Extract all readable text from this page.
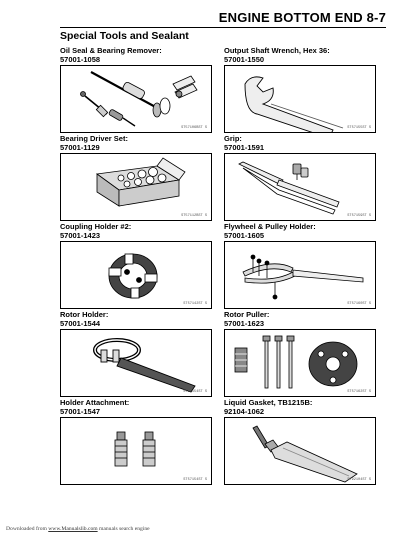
ENGINE BOTTOM END 8-7
Special Tools and Sealant
Oil Seal & Bearing Remover:
57001-1058
ST57106BST S
Output Shaft Wrench, Hex 36:
57001-1550
ST57155ST S
Bearing Driver Set:
57001-1129
ST57112BST S
Grip:
57001-1591
ST57159ST S
Coupling Holder #2:
57001-1423
ST57142ST S
Flywheel & Pulley Holder:
57001-1605
ST57160ST S
Rotor Holder:
57001-1544
ST57154ST S
Rotor Puller:
57001-1623
ST57162ST S
Holder Attachment:
57001-1547
ST57154ST S
Liquid Gasket, TB1215B:
92104-1062
ST92104ST S
Downloaded from www.Manualslib.com manuals search engine
